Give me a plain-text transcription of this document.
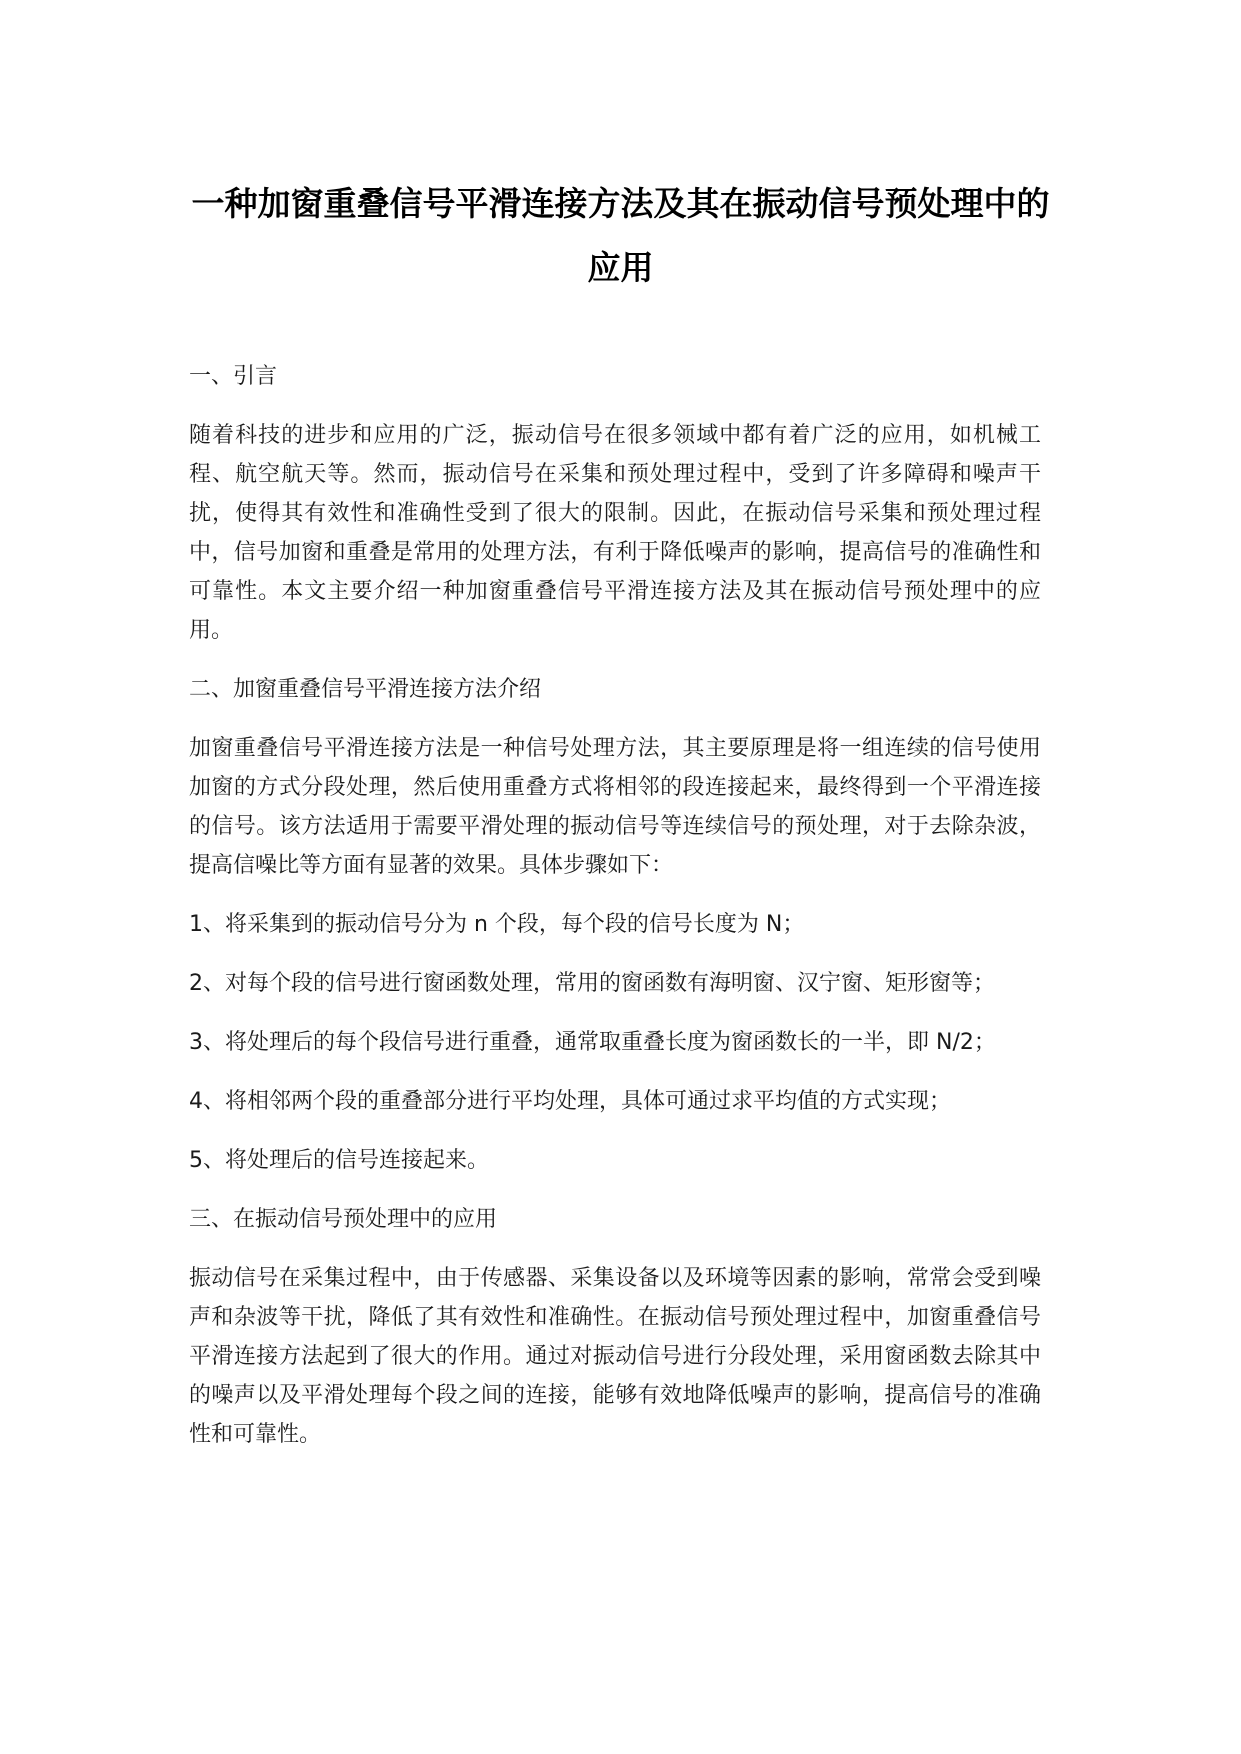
一种加窗重叠信号平滑连接方法及其在振动信号预处理中的应用
一、引言

随着科技的进步和应用的广泛，振动信号在很多领域中都有着广泛的应用，如机械工程、航空航天等。然而，振动信号在采集和预处理过程中，受到了许多障碍和噪声干扰，使得其有效性和准确性受到了很大的限制。因此，在振动信号采集和预处理过程中，信号加窗和重叠是常用的处理方法，有利于降低噪声的影响，提高信号的准确性和可靠性。本文主要介绍一种加窗重叠信号平滑连接方法及其在振动信号预处理中的应用。

二、加窗重叠信号平滑连接方法介绍

加窗重叠信号平滑连接方法是一种信号处理方法，其主要原理是将一组连续的信号使用加窗的方式分段处理，然后使用重叠方式将相邻的段连接起来，最终得到一个平滑连接的信号。该方法适用于需要平滑处理的振动信号等连续信号的预处理，对于去除杂波，提高信噪比等方面有显著的效果。具体步骤如下：

1、将采集到的振动信号分为 n 个段，每个段的信号长度为 N；
2、对每个段的信号进行窗函数处理，常用的窗函数有海明窗、汉宁窗、矩形窗等；
3、将处理后的每个段信号进行重叠，通常取重叠长度为窗函数长的一半，即 N/2；
4、将相邻两个段的重叠部分进行平均处理，具体可通过求平均值的方式实现；
5、将处理后的信号连接起来。
三、在振动信号预处理中的应用

振动信号在采集过程中，由于传感器、采集设备以及环境等因素的影响，常常会受到噪声和杂波等干扰，降低了其有效性和准确性。在振动信号预处理过程中，加窗重叠信号平滑连接方法起到了很大的作用。通过对振动信号进行分段处理，采用窗函数去除其中的噪声以及平滑处理每个段之间的连接，能够有效地降低噪声的影响，提高信号的准确性和可靠性。
